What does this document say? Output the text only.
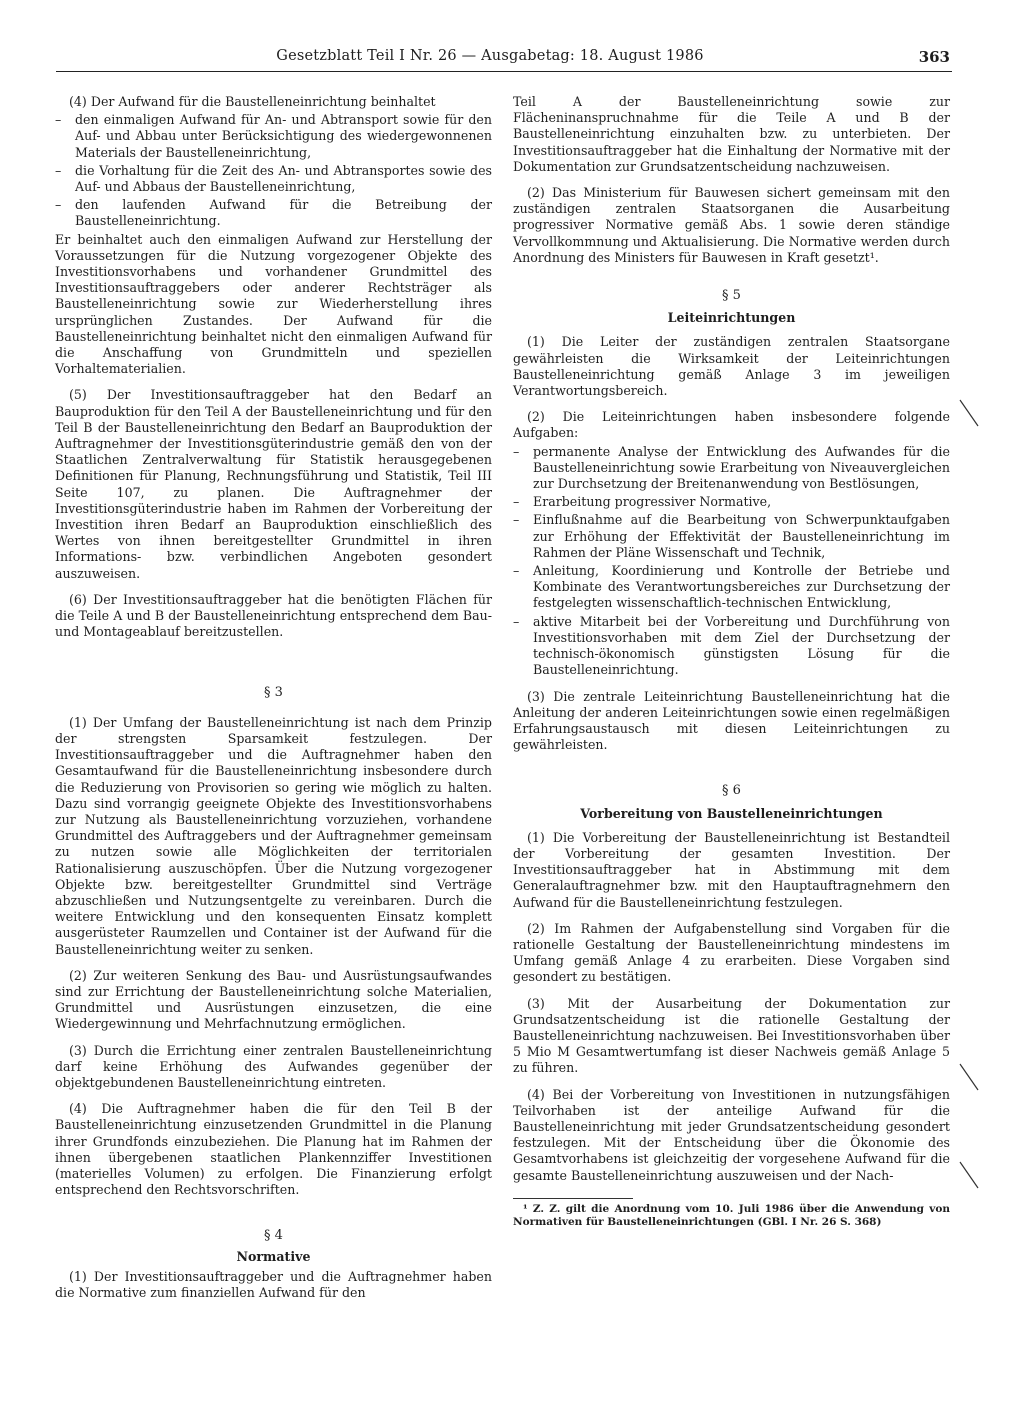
Gesetzblatt Teil I Nr. 26 — Ausgabetag: 18. August 1986	363

(4) Der Aufwand für die Baustelleneinrichtung beinhaltet

–	den einmaligen Aufwand für An- und Abtransport sowie für den Auf- und Abbau unter Berücksichtigung des wiedergewonnenen Materials der Baustelleneinrichtung,
–	die Vorhaltung für die Zeit des An- und Abtransportes sowie des Auf- und Abbaus der Baustelleneinrichtung,
–	den laufenden Aufwand für die Betreibung der Baustelleneinrichtung.

Er beinhaltet auch den einmaligen Aufwand zur Herstellung der Voraussetzungen für die Nutzung vorgezogener Objekte des Investitionsvorhabens und vorhandener Grundmittel des Investitionsauftraggebers oder anderer Rechtsträger als Baustelleneinrichtung sowie zur Wiederherstellung ihres ursprünglichen Zustandes. Der Aufwand für die Baustelleneinrichtung beinhaltet nicht den einmaligen Aufwand für die Anschaffung von Grundmitteln und speziellen Vorhaltematerialien.

(5) Der Investitionsauftraggeber hat den Bedarf an Bauproduktion für den Teil A der Baustelleneinrichtung und für den Teil B der Baustelleneinrichtung den Bedarf an Bauproduktion der Auftragnehmer der Investitionsgüterindustrie gemäß den von der Staatlichen Zentralverwaltung für Statistik herausgegebenen Definitionen für Planung, Rechnungsführung und Statistik, Teil III Seite 107, zu planen. Die Auftragnehmer der Investitionsgüterindustrie haben im Rahmen der Vorbereitung der Investition ihren Bedarf an Bauproduktion einschließlich des Wertes von ihnen bereitgestellter Grundmittel in ihren Informations- bzw. verbindlichen Angeboten gesondert auszuweisen.

(6) Der Investitionsauftraggeber hat die benötigten Flächen für die Teile A und B der Baustelleneinrichtung entsprechend dem Bau- und Montageablauf bereitzustellen.

§ 3

(1) Der Umfang der Baustelleneinrichtung ist nach dem Prinzip der strengsten Sparsamkeit festzulegen. Der Investitionsauftraggeber und die Auftragnehmer haben den Gesamtaufwand für die Baustelleneinrichtung insbesondere durch die Reduzierung von Provisorien so gering wie möglich zu halten. Dazu sind vorrangig geeignete Objekte des Investitionsvorhabens zur Nutzung als Baustelleneinrichtung vorzuziehen, vorhandene Grundmittel des Auftraggebers und der Auftragnehmer gemeinsam zu nutzen sowie alle Möglichkeiten der territorialen Rationalisierung auszuschöpfen. Über die Nutzung vorgezogener Objekte bzw. bereitgestellter Grundmittel sind Verträge abzuschließen und Nutzungsentgelte zu vereinbaren. Durch die weitere Entwicklung und den konsequenten Einsatz komplett ausgerüsteter Raumzellen und Container ist der Aufwand für die Baustelleneinrichtung weiter zu senken.

(2) Zur weiteren Senkung des Bau- und Ausrüstungsaufwandes sind zur Errichtung der Baustelleneinrichtung solche Materialien, Grundmittel und Ausrüstungen einzusetzen, die eine Wiedergewinnung und Mehrfachnutzung ermöglichen.

(3) Durch die Errichtung einer zentralen Baustelleneinrichtung darf keine Erhöhung des Aufwandes gegenüber der objektgebundenen Baustelleneinrichtung eintreten.

(4) Die Auftragnehmer haben die für den Teil B der Baustelleneinrichtung einzusetzenden Grundmittel in die Planung ihrer Grundfonds einzubeziehen. Die Planung hat im Rahmen der ihnen übergebenen staatlichen Plankennziffer Investitionen (materielles Volumen) zu erfolgen. Die Finanzierung erfolgt entsprechend den Rechtsvorschriften.

§ 4
Normative

(1) Der Investitionsauftraggeber und die Auftragnehmer haben die Normative zum finanziellen Aufwand für den

Teil A der Baustelleneinrichtung sowie zur Flächeninanspruchnahme für die Teile A und B der Baustelleneinrichtung einzuhalten bzw. zu unterbieten. Der Investitionsauftraggeber hat die Einhaltung der Normative mit der Dokumentation zur Grundsatzentscheidung nachzuweisen.

(2) Das Ministerium für Bauwesen sichert gemeinsam mit den zuständigen zentralen Staatsorganen die Ausarbeitung progressiver Normative gemäß Abs. 1 sowie deren ständige Vervollkommnung und Aktualisierung. Die Normative werden durch Anordnung des Ministers für Bauwesen in Kraft gesetzt¹.

§ 5
Leiteinrichtungen

(1) Die Leiter der zuständigen zentralen Staatsorgane gewährleisten die Wirksamkeit der Leiteinrichtungen Baustelleneinrichtung gemäß Anlage 3 im jeweiligen Verantwortungsbereich.

(2) Die Leiteinrichtungen haben insbesondere folgende Aufgaben:

–	permanente Analyse der Entwicklung des Aufwandes für die Baustelleneinrichtung sowie Erarbeitung von Niveauvergleichen zur Durchsetzung der Breitenanwendung von Bestlösungen,
–	Erarbeitung progressiver Normative,
–	Einflußnahme auf die Bearbeitung von Schwerpunktaufgaben zur Erhöhung der Effektivität der Baustelleneinrichtung im Rahmen der Pläne Wissenschaft und Technik,
–	Anleitung, Koordinierung und Kontrolle der Betriebe und Kombinate des Verantwortungsbereiches zur Durchsetzung der festgelegten wissenschaftlich-technischen Entwicklung,
–	aktive Mitarbeit bei der Vorbereitung und Durchführung von Investitionsvorhaben mit dem Ziel der Durchsetzung der technisch-ökonomisch günstigsten Lösung für die Baustelleneinrichtung.

(3) Die zentrale Leiteinrichtung Baustelleneinrichtung hat die Anleitung der anderen Leiteinrichtungen sowie einen regelmäßigen Erfahrungsaustausch mit diesen Leiteinrichtungen zu gewährleisten.

§ 6
Vorbereitung von Baustelleneinrichtungen

(1) Die Vorbereitung der Baustelleneinrichtung ist Bestandteil der Vorbereitung der gesamten Investition. Der Investitionsauftraggeber hat in Abstimmung mit dem Generalauftragnehmer bzw. mit den Hauptauftragnehmern den Aufwand für die Baustelleneinrichtung festzulegen.

(2) Im Rahmen der Aufgabenstellung sind Vorgaben für die rationelle Gestaltung der Baustelleneinrichtung mindestens im Umfang gemäß Anlage 4 zu erarbeiten. Diese Vorgaben sind gesondert zu bestätigen.

(3) Mit der Ausarbeitung der Dokumentation zur Grundsatzentscheidung ist die rationelle Gestaltung der Baustelleneinrichtung nachzuweisen. Bei Investitionsvorhaben über 5 Mio M Gesamtwertumfang ist dieser Nachweis gemäß Anlage 5 zu führen.

(4) Bei der Vorbereitung von Investitionen in nutzungsfähigen Teilvorhaben ist der anteilige Aufwand für die Baustelleneinrichtung mit jeder Grundsatzentscheidung gesondert festzulegen. Mit der Entscheidung über die Ökonomie des Gesamtvorhabens ist gleichzeitig der vorgesehene Aufwand für die gesamte Baustelleneinrichtung auszuweisen und der Nach-

¹ Z. Z. gilt die Anordnung vom 10. Juli 1986 über die Anwendung von Normativen für Baustelleneinrichtungen (GBl. I Nr. 26 S. 368)
